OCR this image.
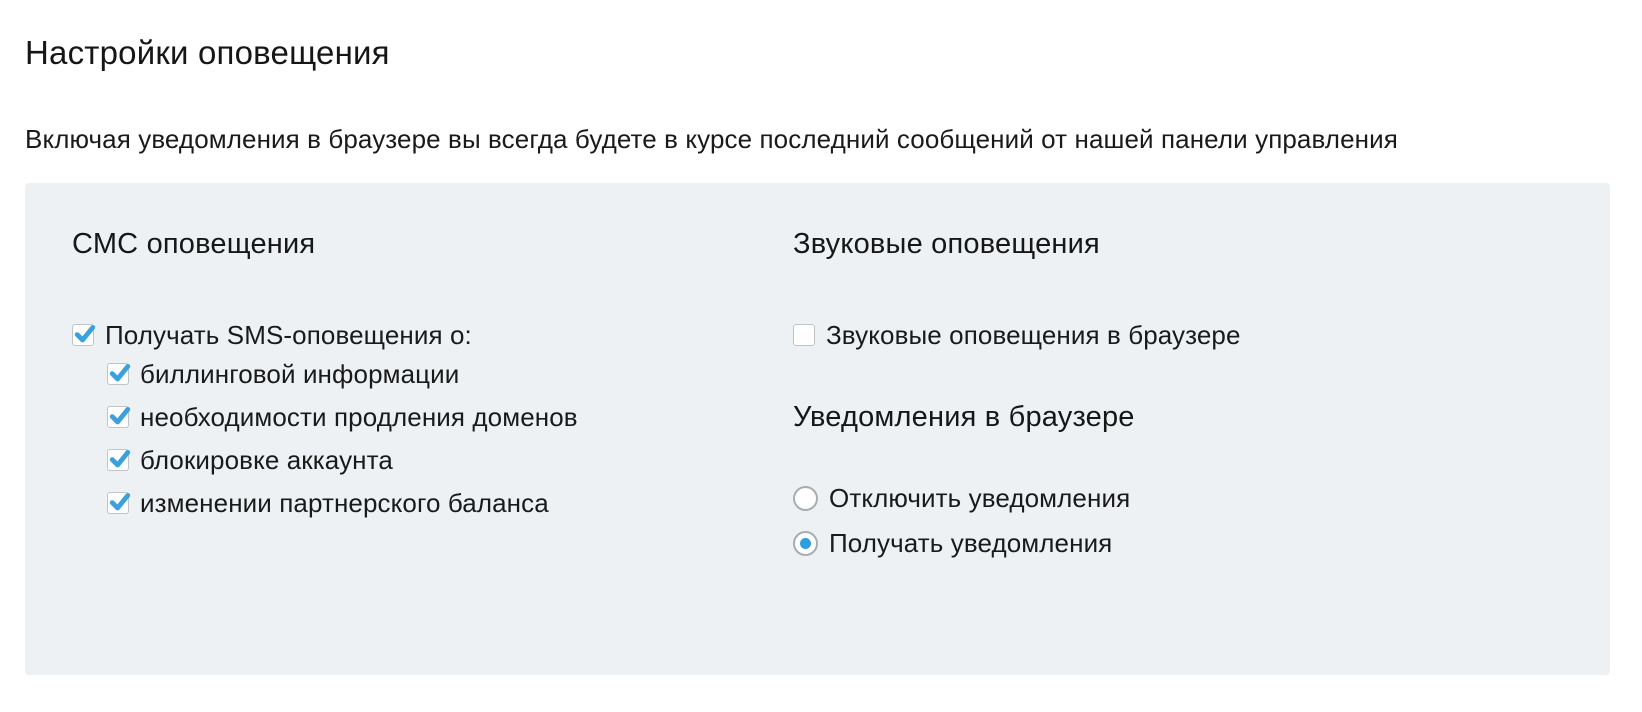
Настройки оповещения

Включая уведомления в браузере вы всегда будете в курсе последний сообщений от нашей панели управления

СМС оповещения
Получать SMS-оповещения о:
биллинговой информации
необходимости продления доменов
блокировке аккаунта
изменении партнерского баланса
Звуковые оповещения
Звуковые оповещения в браузере
Уведомления в браузере
Отключить уведомления
Получать уведомления
